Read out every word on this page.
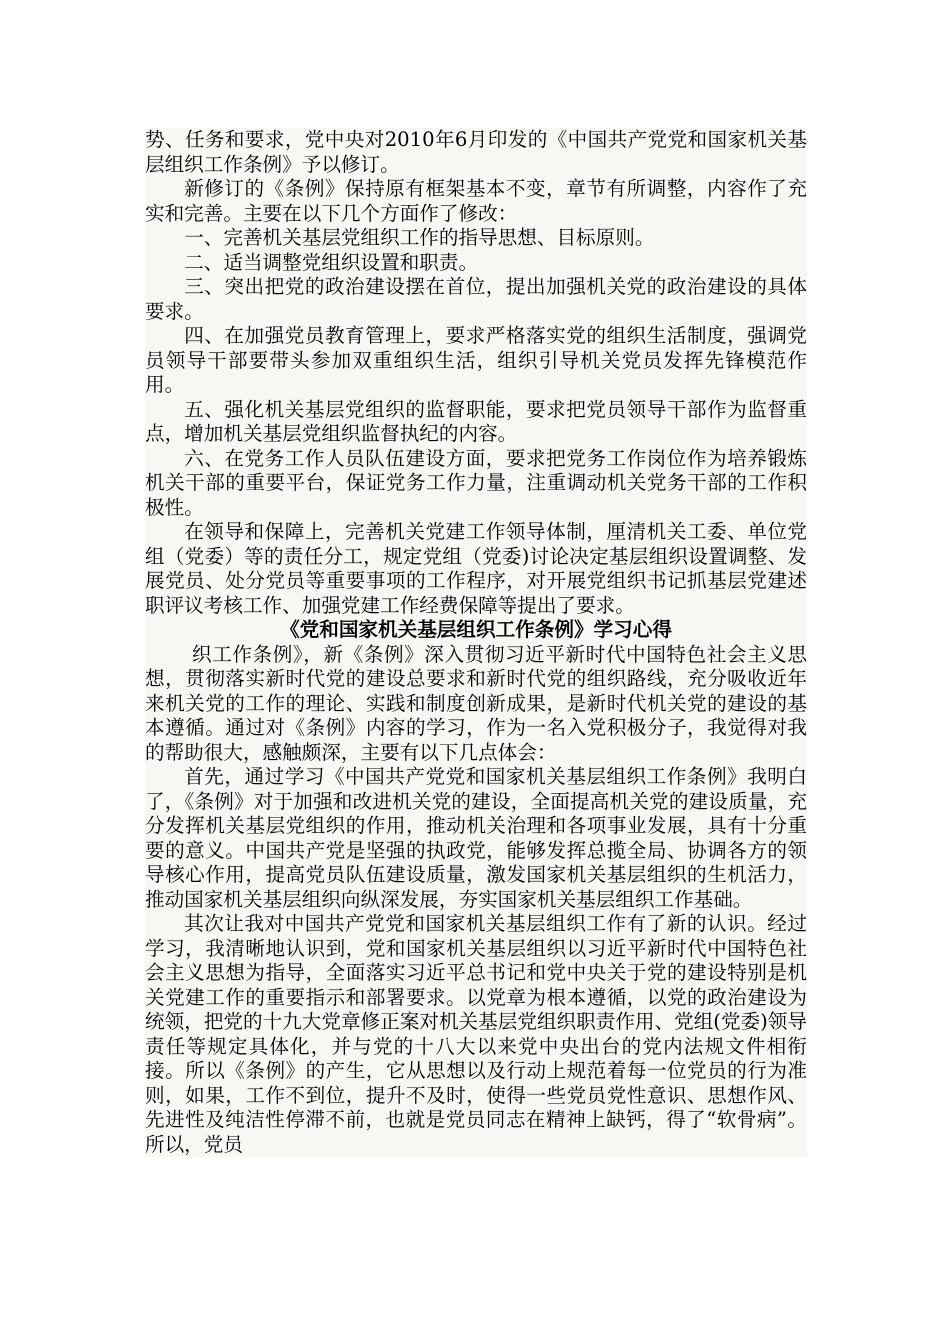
势、任务和要求，党中央对2010年6月印发的《中国共产党党和国家机关基层组织工作条例》予以修订。

新修订的《条例》保持原有框架基本不变，章节有所调整，内容作了充实和完善。主要在以下几个方面作了修改：

一、完善机关基层党组织工作的指导思想、目标原则。

二、适当调整党组织设置和职责。

三、突出把党的政治建设摆在首位，提出加强机关党的政治建设的具体要求。

四、在加强党员教育管理上，要求严格落实党的组织生活制度，强调党员领导干部要带头参加双重组织生活，组织引导机关党员发挥先锋模范作用。

五、强化机关基层党组织的监督职能，要求把党员领导干部作为监督重点，增加机关基层党组织监督执纪的内容。

六、在党务工作人员队伍建设方面，要求把党务工作岗位作为培养锻炼机关干部的重要平台，保证党务工作力量，注重调动机关党务干部的工作积极性。

在领导和保障上，完善机关党建工作领导体制，厘清机关工委、单位党组（党委）等的责任分工，规定党组（党委)讨论决定基层组织设置调整、发展党员、处分党员等重要事项的工作程序，对开展党组织书记抓基层党建述职评议考核工作、加强党建工作经费保障等提出了要求。

《党和国家机关基层组织工作条例》学习心得

织工作条例》，新《条例》深入贯彻习近平新时代中国特色社会主义思想，贯彻落实新时代党的建设总要求和新时代党的组织路线，充分吸收近年来机关党的工作的理论、实践和制度创新成果，是新时代机关党的建设的基本遵循。通过对《条例》内容的学习，作为一名入党积极分子，我觉得对我的帮助很大，感触颇深，主要有以下几点体会：

首先，通过学习《中国共产党党和国家机关基层组织工作条例》我明白了，《条例》对于加强和改进机关党的建设，全面提高机关党的建设质量，充分发挥机关基层党组织的作用，推动机关治理和各项事业发展，具有十分重要的意义。中国共产党是坚强的执政党，能够发挥总揽全局、协调各方的领导核心作用，提高党员队伍建设质量，激发国家机关基层组织的生机活力，推动国家机关基层组织向纵深发展，夯实国家机关基层组织工作基础。

其次让我对中国共产党党和国家机关基层组织工作有了新的认识。经过学习，我清晰地认识到，党和国家机关基层组织以习近平新时代中国特色社会主义思想为指导，全面落实习近平总书记和党中央关于党的建设特别是机关党建工作的重要指示和部署要求。以党章为根本遵循，以党的政治建设为统领，把党的十九大党章修正案对机关基层党组织职责作用、党组(党委)领导责任等规定具体化，并与党的十八大以来党中央出台的党内法规文件相衔接。所以《条例》的产生，它从思想以及行动上规范着每一位党员的行为准则，如果，工作不到位，提升不及时，使得一些党员党性意识、思想作风、先进性及纯洁性停滞不前，也就是党员同志在精神上缺钙，得了“软骨病”。所以，党员
